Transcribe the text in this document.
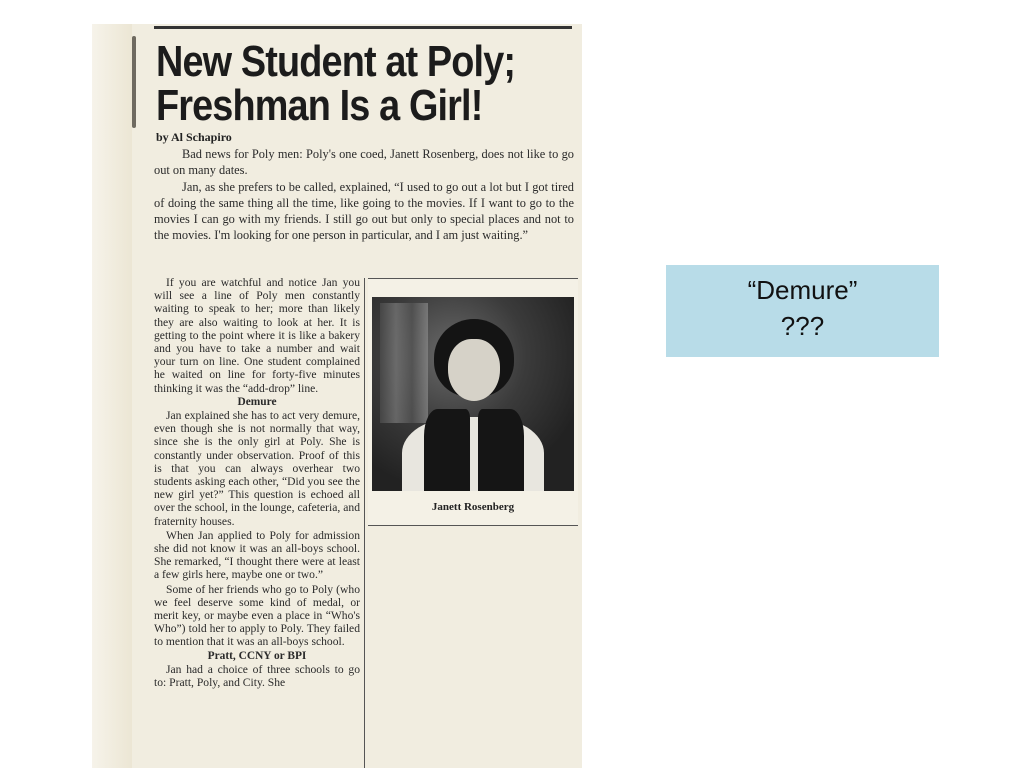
New Student at Poly;
Freshman Is a Girl!
by Al Schapiro

Bad news for Poly men: Poly's one coed, Janett Rosenberg, does not like to go out on many dates.

Jan, as she prefers to be called, explained, “I used to go out a lot but I got tired of doing the same thing all the time, like going to the movies. If I want to go to the movies I can go with my friends. I still go out but only to special places and not to the movies. I'm looking for one person in particular, and I am just waiting.”

If you are watchful and notice Jan you will see a line of Poly men constantly waiting to speak to her; more than likely they are also waiting to look at her. It is getting to the point where it is like a bakery and you have to take a number and wait your turn on line. One student complained he waited on line for forty-five minutes thinking it was the “add-drop” line.

Demure

Jan explained she has to act very demure, even though she is not normally that way, since she is the only girl at Poly. She is constantly under observation. Proof of this is that you can always overhear two students asking each other, “Did you see the new girl yet?” This question is echoed all over the school, in the lounge, cafeteria, and fraternity houses.

When Jan applied to Poly for admission she did not know it was an all-boys school. She remarked, “I thought there were at least a few girls here, maybe one or two.”

Some of her friends who go to Poly (who we feel deserve some kind of medal, or merit key, or maybe even a place in “Who's Who”) told her to apply to Poly. They failed to mention that it was an all-boys school.

Pratt, CCNY or BPI

Jan had a choice of three schools to go to: Pratt, Poly, and City. She

Janett Rosenberg
“Demure”
???
